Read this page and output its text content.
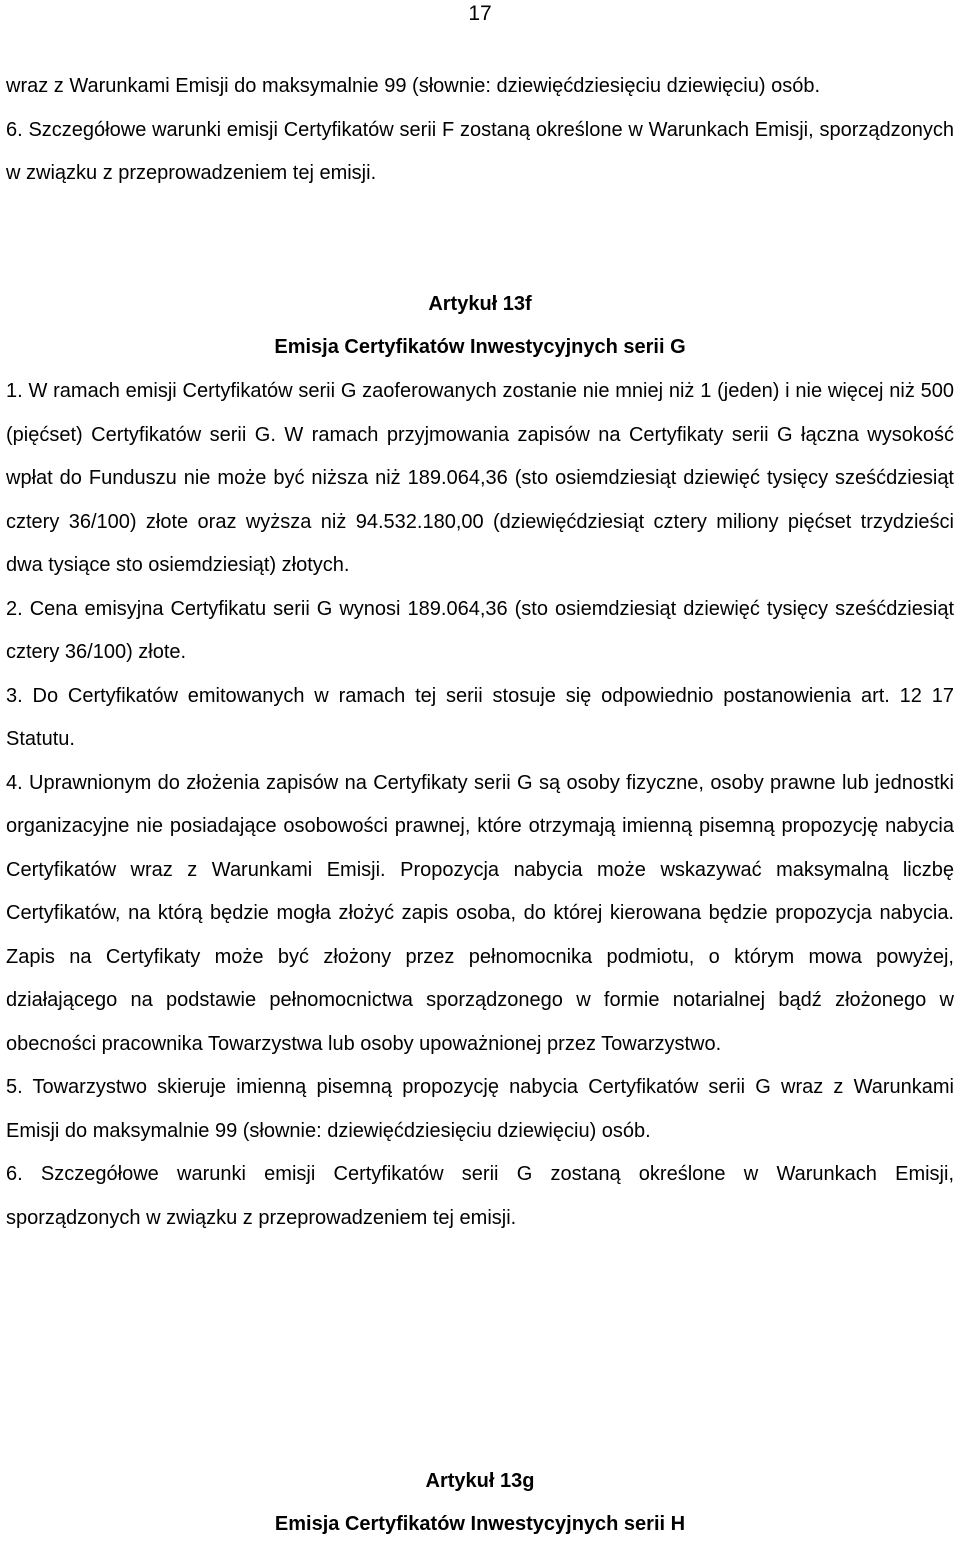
17

wraz z Warunkami Emisji do maksymalnie 99 (słownie: dziewięćdziesięciu dziewięciu) osób.

6. Szczegółowe warunki emisji Certyfikatów serii F zostaną określone w Warunkach Emisji, sporządzonych w związku z przeprowadzeniem tej emisji.

Artykuł 13f
Emisja Certyfikatów Inwestycyjnych serii G

1. W ramach emisji Certyfikatów serii G zaoferowanych zostanie nie mniej niż 1 (jeden) i nie więcej niż 500 (pięćset) Certyfikatów serii G. W ramach przyjmowania zapisów na Certyfikaty serii G łączna wysokość wpłat do Funduszu nie może być niższa niż 189.064,36 (sto osiemdziesiąt dziewięć tysięcy sześćdziesiąt cztery 36/100) złote oraz wyższa niż 94.532.180,00 (dziewięćdziesiąt cztery miliony pięćset trzydzieści dwa tysiące sto osiemdziesiąt) złotych.

2. Cena emisyjna Certyfikatu serii G wynosi 189.064,36 (sto osiemdziesiąt dziewięć tysięcy sześćdziesiąt cztery 36/100) złote.

3. Do Certyfikatów emitowanych w ramach tej serii stosuje się odpowiednio postanowienia art. 12 17 Statutu.

4. Uprawnionym do złożenia zapisów na Certyfikaty serii G są osoby fizyczne, osoby prawne lub jednostki organizacyjne nie posiadające osobowości prawnej, które otrzymają imienną pisemną propozycję nabycia Certyfikatów wraz z Warunkami Emisji. Propozycja nabycia może wskazywać maksymalną liczbę Certyfikatów, na którą będzie mogła złożyć zapis osoba, do której kierowana będzie propozycja nabycia. Zapis na Certyfikaty może być złożony przez pełnomocnika podmiotu, o którym mowa powyżej, działającego na podstawie pełnomocnictwa sporządzonego w formie notarialnej bądź złożonego w obecności pracownika Towarzystwa lub osoby upoważnionej przez Towarzystwo.

5. Towarzystwo skieruje imienną pisemną propozycję nabycia Certyfikatów serii G wraz z Warunkami Emisji do maksymalnie 99 (słownie: dziewięćdziesięciu dziewięciu) osób.

6. Szczegółowe warunki emisji Certyfikatów serii G zostaną określone w Warunkach Emisji, sporządzonych w związku z przeprowadzeniem tej emisji.

Artykuł 13g
Emisja Certyfikatów Inwestycyjnych serii H
